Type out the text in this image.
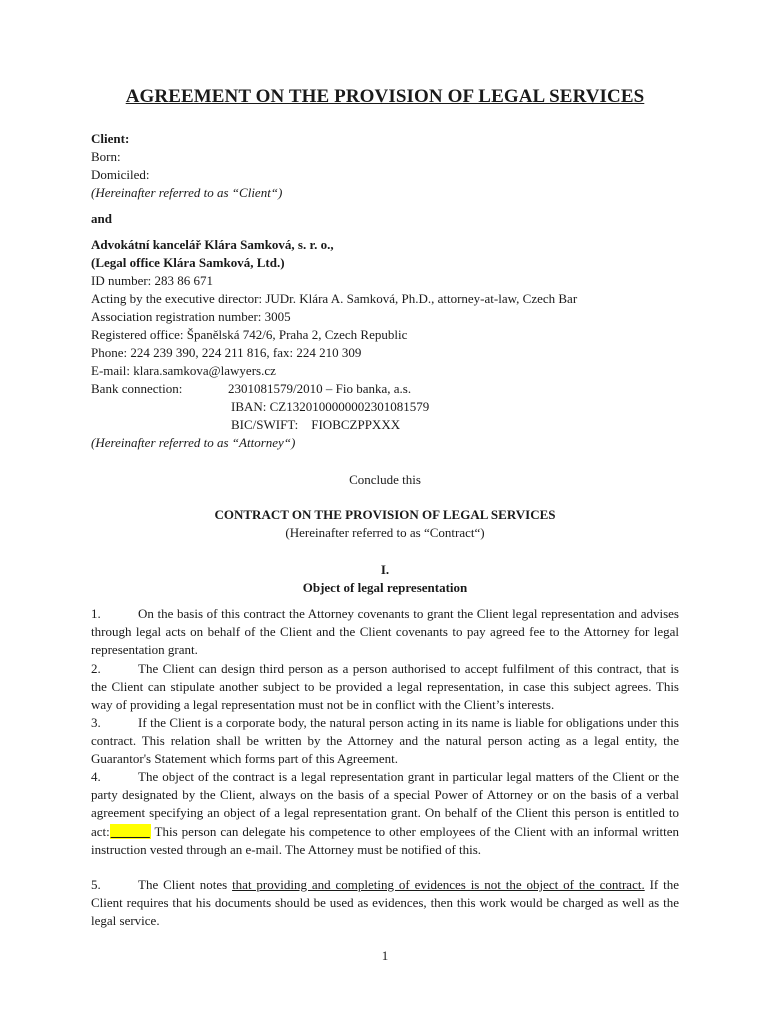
AGREEMENT ON THE PROVISION OF LEGAL SERVICES
Client:
Born:
Domiciled:
(Hereinafter referred to as “Client“)
and
Advokátní kancelář Klára Samková, s. r. o.,
(Legal office Klára Samková, Ltd.)
ID number: 283 86 671
Acting by the executive director: JUDr. Klára A. Samková, Ph.D., attorney-at-law, Czech Bar
Association registration number: 3005
Registered office: Španělská 742/6, Praha 2, Czech Republic
Phone: 224 239 390, 224 211 816, fax: 224 210 309
E-mail: klara.samkova@lawyers.cz
Bank connection:	2301081579/2010 – Fio banka, a.s.
IBAN: CZ1320100000002301081579
BIC/SWIFT:    FIOBCZPPXXX
(Hereinafter referred to as “Attorney“)
Conclude this
CONTRACT ON THE PROVISION OF LEGAL SERVICES
(Hereinafter referred to as “Contract“)
I.
Object of legal representation
1.	On the basis of this contract the Attorney covenants to grant the Client legal representation and advises through legal acts on behalf of the Client and the Client covenants to pay agreed fee to the Attorney for legal representation grant.
2.	The Client can design third person as a person authorised to accept fulfilment of this contract, that is the Client can stipulate another subject to be provided a legal representation, in case this subject agrees. This way of providing a legal representation must not be in conflict with the Client’s interests.
3.	If the Client is a corporate body, the natural person acting in its name is liable for obligations under this contract. This relation shall be written by the Attorney and the natural person acting as a legal entity, the Guarantor's Statement which forms part of this Agreement.
4.	The object of the contract is a legal representation grant in particular legal matters of the Client or the party designated by the Client, always on the basis of a special Power of Attorney or on the basis of a verbal agreement specifying an object of a legal representation grant. On behalf of the Client this person is entitled to act:______ This person can delegate his competence to other employees of the Client with an informal written instruction vested through an e-mail. The Attorney must be notified of this.
5.	The Client notes that providing and completing of evidences is not the object of the contract. If the Client requires that his documents should be used as evidences, then this work would be charged as well as the legal service.
1
